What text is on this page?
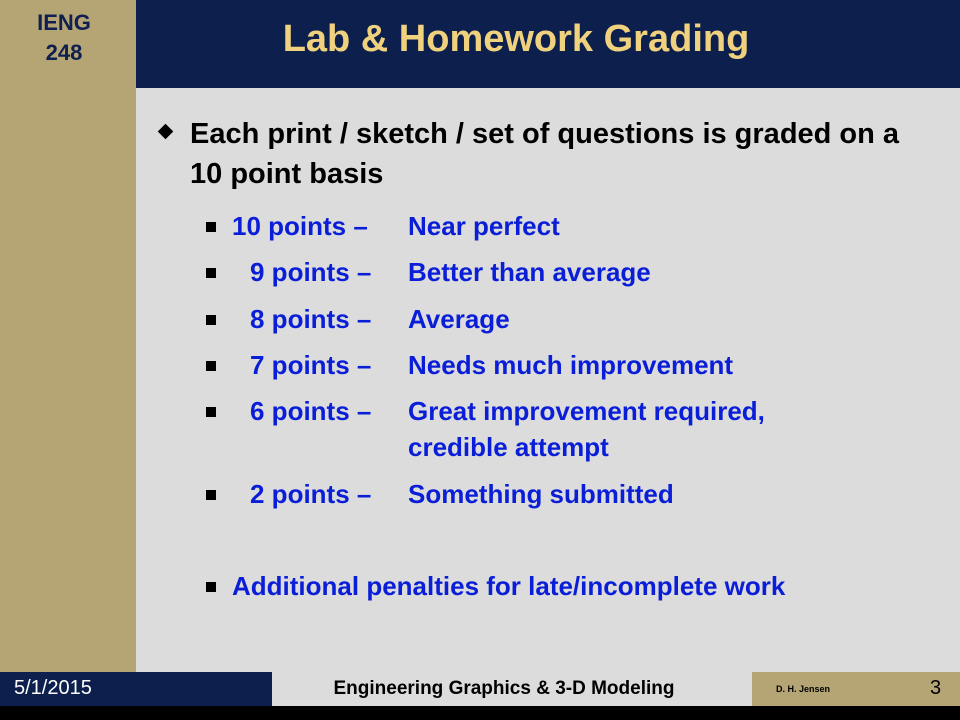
IENG
248	Lab & Homework Grading
Each print / sketch / set of questions is graded on a 10 point basis
10 points – Near perfect
9 points – Better than average
8 points – Average
7 points – Needs much improvement
6 points – Great improvement required,
credible attempt
2 points – Something submitted
Additional penalties for late/incomplete work
5/1/2015	Engineering Graphics & 3-D Modeling	D. H. Jensen	3
